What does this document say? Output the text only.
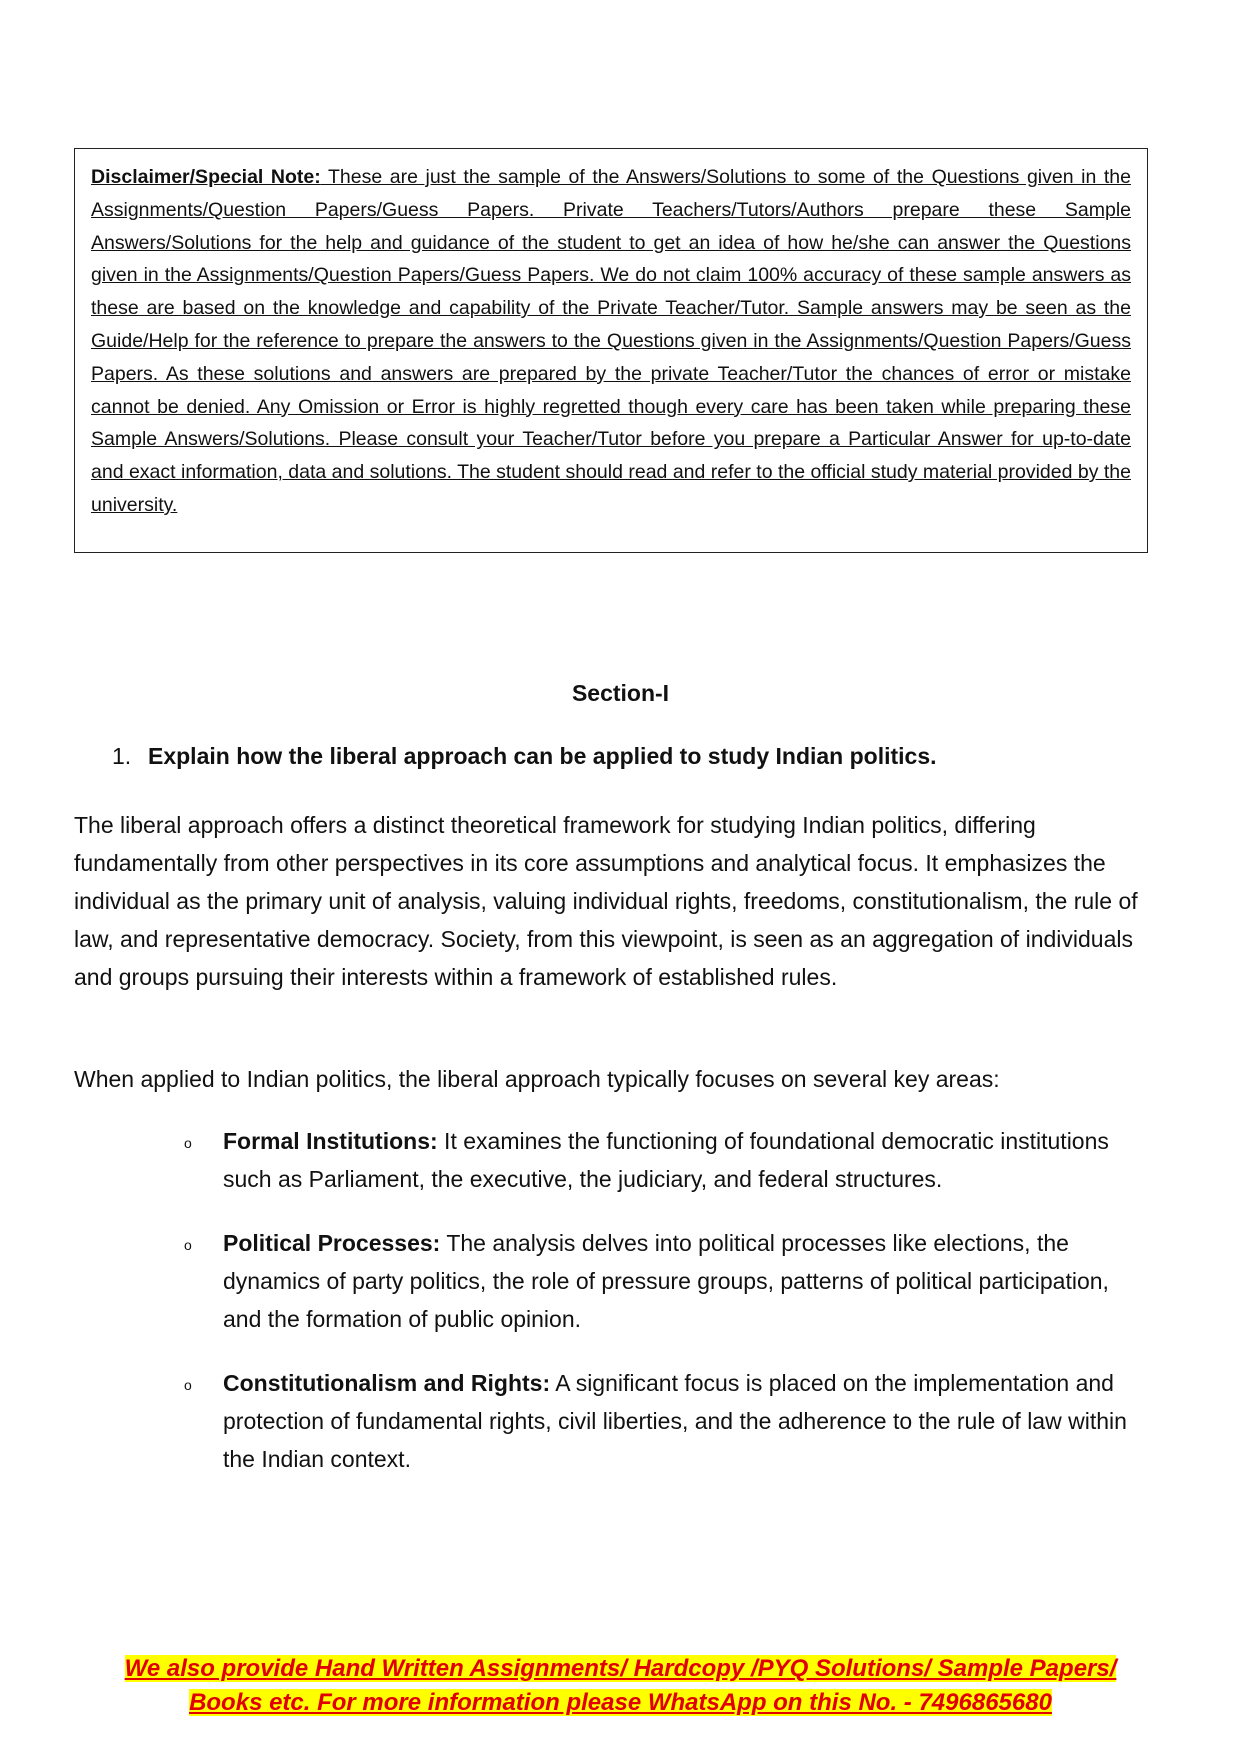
Disclaimer/Special Note: These are just the sample of the Answers/Solutions to some of the Questions given in the Assignments/Question Papers/Guess Papers. Private Teachers/Tutors/Authors prepare these Sample Answers/Solutions for the help and guidance of the student to get an idea of how he/she can answer the Questions given in the Assignments/Question Papers/Guess Papers. We do not claim 100% accuracy of these sample answers as these are based on the knowledge and capability of the Private Teacher/Tutor. Sample answers may be seen as the Guide/Help for the reference to prepare the answers to the Questions given in the Assignments/Question Papers/Guess Papers. As these solutions and answers are prepared by the private Teacher/Tutor the chances of error or mistake cannot be denied. Any Omission or Error is highly regretted though every care has been taken while preparing these Sample Answers/Solutions. Please consult your Teacher/Tutor before you prepare a Particular Answer for up-to-date and exact information, data and solutions. The student should read and refer to the official study material provided by the university.
Section-I
1. Explain how the liberal approach can be applied to study Indian politics.
The liberal approach offers a distinct theoretical framework for studying Indian politics, differing fundamentally from other perspectives in its core assumptions and analytical focus. It emphasizes the individual as the primary unit of analysis, valuing individual rights, freedoms, constitutionalism, the rule of law, and representative democracy. Society, from this viewpoint, is seen as an aggregation of individuals and groups pursuing their interests within a framework of established rules.
When applied to Indian politics, the liberal approach typically focuses on several key areas:
o Formal Institutions: It examines the functioning of foundational democratic institutions such as Parliament, the executive, the judiciary, and federal structures.
o Political Processes: The analysis delves into political processes like elections, the dynamics of party politics, the role of pressure groups, patterns of political participation, and the formation of public opinion.
o Constitutionalism and Rights: A significant focus is placed on the implementation and protection of fundamental rights, civil liberties, and the adherence to the rule of law within the Indian context.
We also provide Hand Written Assignments/ Hardcopy /PYQ Solutions/ Sample Papers/
Books etc. For more information please WhatsApp on this No. - 7496865680
